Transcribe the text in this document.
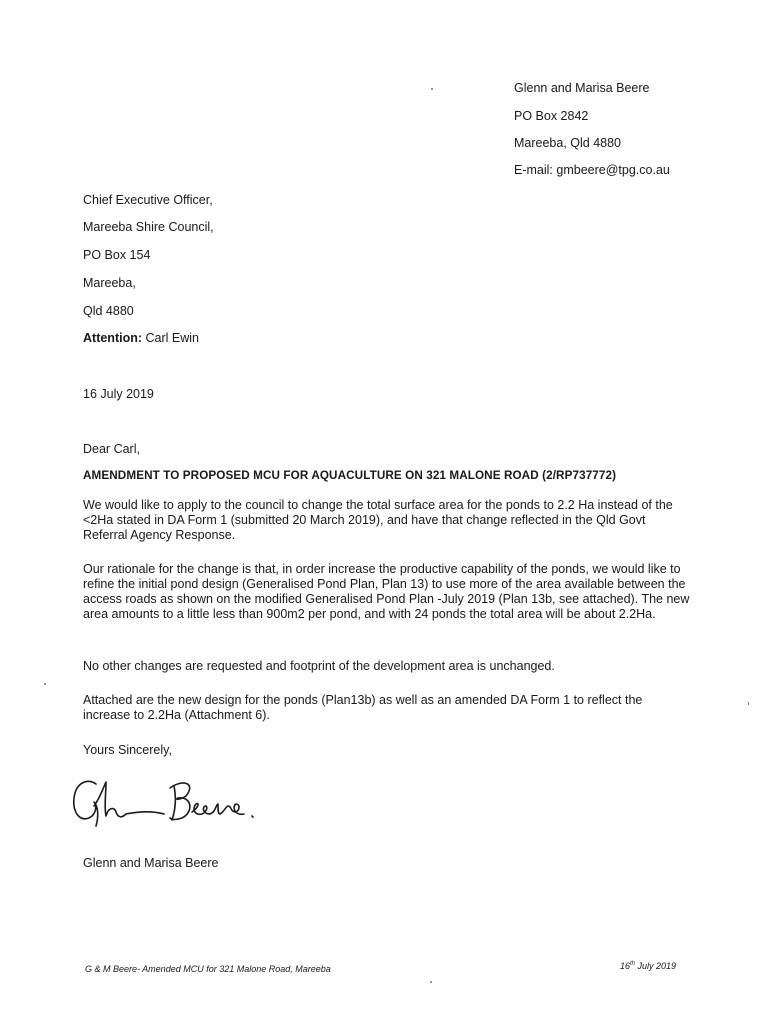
Glenn and Marisa Beere
PO Box 2842
Mareeba, Qld 4880
E-mail: gmbeere@tpg.co.au
Chief Executive Officer,
Mareeba Shire Council,
PO Box 154
Mareeba,
Qld 4880
Attention: Carl Ewin
16 July 2019
Dear Carl,
AMENDMENT TO PROPOSED MCU FOR AQUACULTURE ON 321 MALONE ROAD (2/RP737772)
We would like to apply to the council to change the total surface area for the ponds to 2.2 Ha instead of the <2Ha stated in DA Form 1 (submitted 20 March 2019), and have that change reflected in the Qld Govt Referral Agency Response.
Our rationale for the change is that, in order increase the productive capability of the ponds, we would like to refine the initial pond design (Generalised Pond Plan, Plan 13) to use more of the area available between the access roads as shown on the modified Generalised Pond Plan -July 2019 (Plan 13b, see attached). The new area amounts to a little less than 900m2 per pond, and with 24 ponds the total area will be about 2.2Ha.
No other changes are requested and footprint of the development area is unchanged.
Attached are the new design for the ponds (Plan13b) as well as an amended DA Form 1 to reflect the increase to 2.2Ha (Attachment 6).
Yours Sincerely,
Glenn and Marisa Beere
G & M Beere- Amended MCU for 321 Malone Road, Mareeba	16th July 2019
